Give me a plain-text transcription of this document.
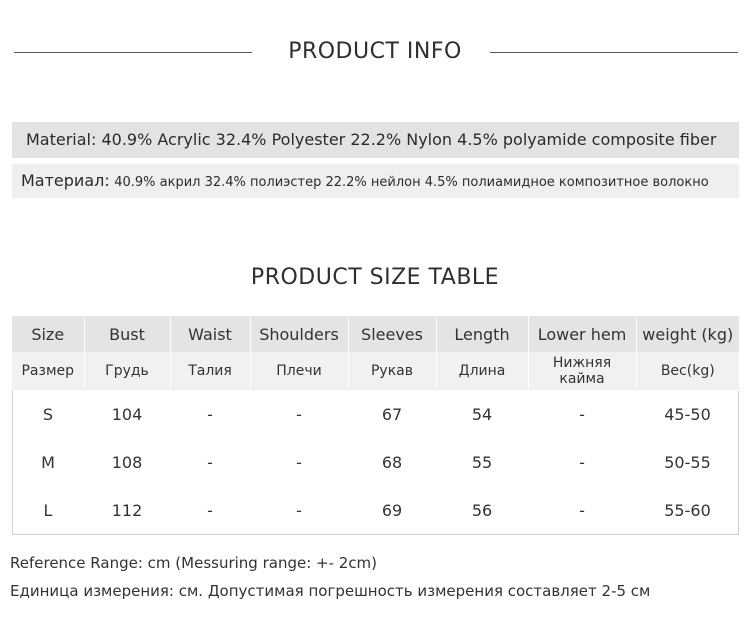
PRODUCT INFO
Material: 40.9% Acrylic 32.4% Polyester 22.2% Nylon 4.5% polyamide composite fiber
Материал: 40.9% акрил 32.4% полиэстер 22.2% нейлон 4.5% полиамидное композитное волокно
PRODUCT SIZE TABLE
Size	Bust	Waist	Shoulders	Sleeves	Length	Lower hem	weight (kg)
Размер	Грудь	Талия	Плечи	Рукав	Длина	Нижняя кайма	Вес(kg)
S	104	-	-	67	54	-	45-50
M	108	-	-	68	55	-	50-55
L	112	-	-	69	56	-	55-60
Reference Range: cm (Messuring range: +- 2cm)
Единица измерения: см. Допустимая погрешность измерения составляет 2-5 см
